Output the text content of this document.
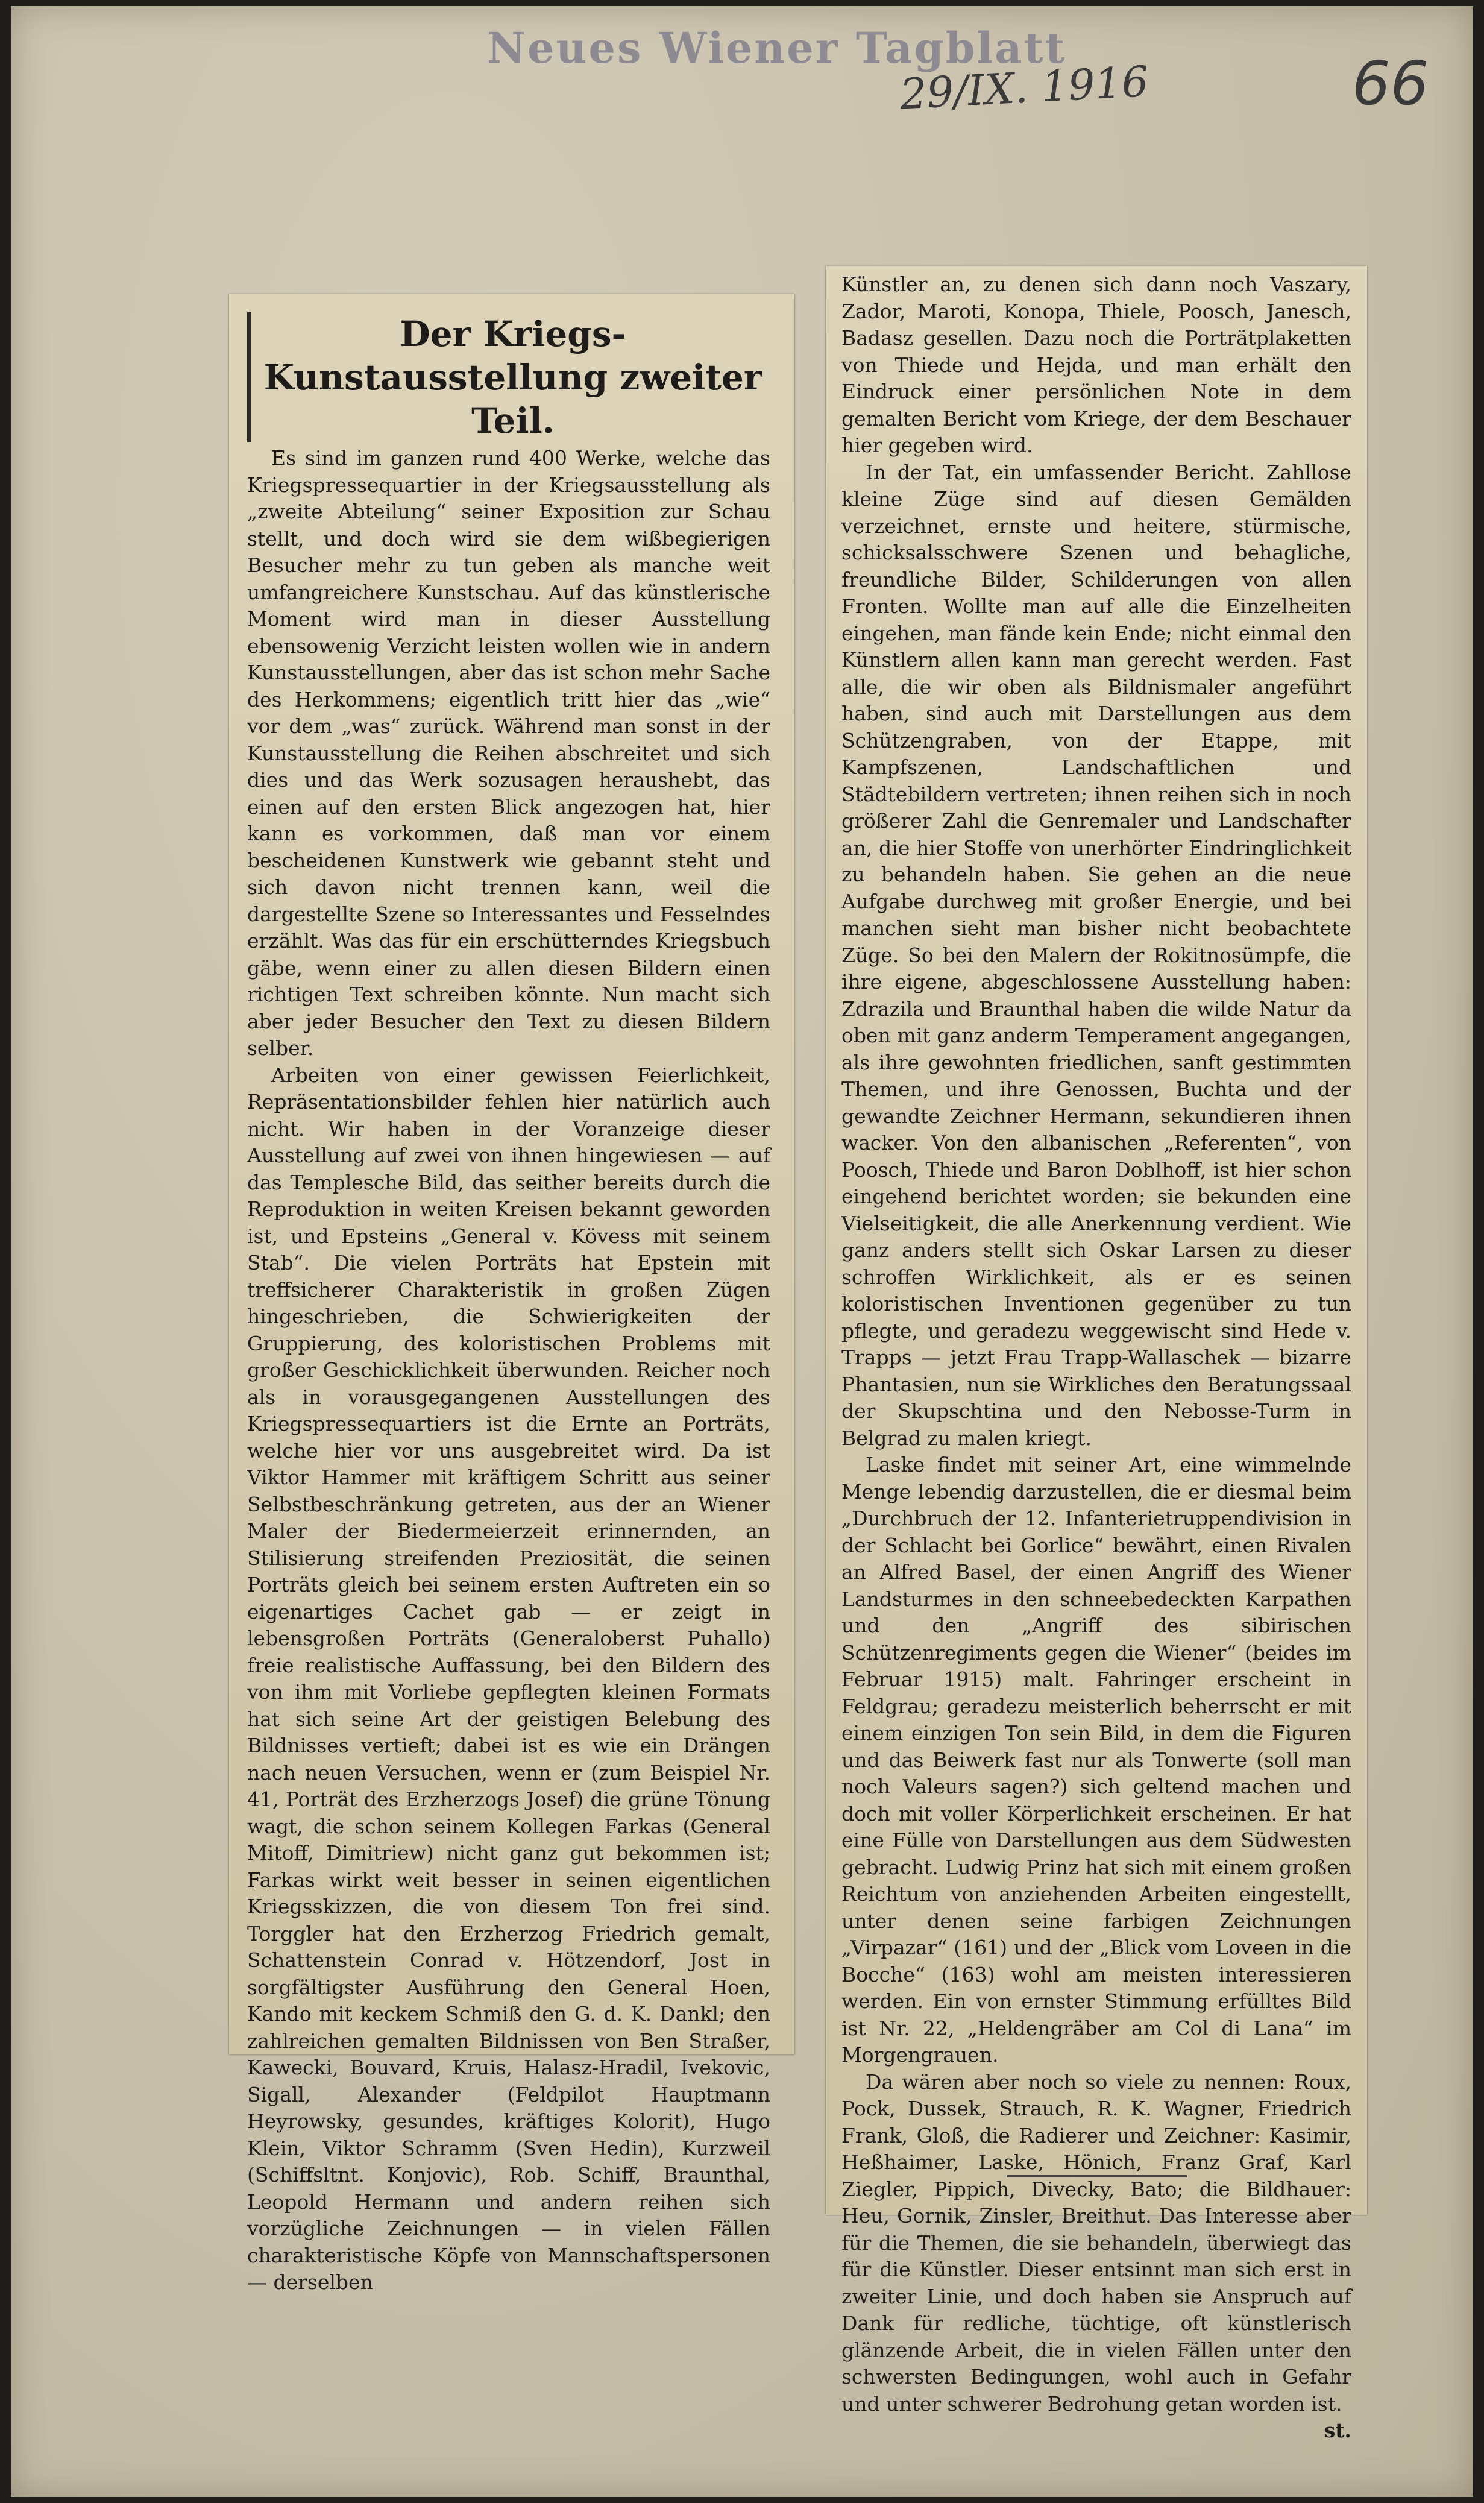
Neues Wiener Tagblatt
29/IX. 1916	66
Der Kriegs-Kunstausstellung zweiter Teil.

Es sind im ganzen rund 400 Werke, welche das Kriegspressequartier in der Kriegsausstellung als „zweite Abteilung“ seiner Exposition zur Schau stellt, und doch wird sie dem wißbegierigen Besucher mehr zu tun geben als manche weit umfangreichere Kunstschau. Auf das künstlerische Moment wird man in dieser Ausstellung ebensowenig Verzicht leisten wollen wie in andern Kunstausstellungen, aber das ist schon mehr Sache des Herkommens; eigentlich tritt hier das „wie“ vor dem „was“ zurück. Während man sonst in der Kunstausstellung die Reihen abschreitet und sich dies und das Werk sozusagen heraushebt, das einen auf den ersten Blick angezogen hat, hier kann es vorkommen, daß man vor einem bescheidenen Kunstwerk wie gebannt steht und sich davon nicht trennen kann, weil die dargestellte Szene so Interessantes und Fesselndes erzählt. Was das für ein erschütterndes Kriegsbuch gäbe, wenn einer zu allen diesen Bildern einen richtigen Text schreiben könnte. Nun macht sich aber jeder Besucher den Text zu diesen Bildern selber.

Arbeiten von einer gewissen Feierlichkeit, Repräsentationsbilder fehlen hier natürlich auch nicht. Wir haben in der Voranzeige dieser Ausstellung auf zwei von ihnen hingewiesen — auf das Templesche Bild, das seither bereits durch die Reproduktion in weiten Kreisen bekannt geworden ist, und Epsteins „General v. Kövess mit seinem Stab“. Die vielen Porträts hat Epstein mit treffsicherer Charakteristik in großen Zügen hingeschrieben, die Schwierigkeiten der Gruppierung, des koloristischen Problems mit großer Geschicklichkeit überwunden. Reicher noch als in vorausgegangenen Ausstellungen des Kriegspressequartiers ist die Ernte an Porträts, welche hier vor uns ausgebreitet wird. Da ist Viktor Hammer mit kräftigem Schritt aus seiner Selbstbeschränkung getreten, aus der an Wiener Maler der Biedermeierzeit erinnernden, an Stilisierung streifenden Preziosität, die seinen Porträts gleich bei seinem ersten Auftreten ein so eigenartiges Cachet gab — er zeigt in lebensgroßen Porträts (Generaloberst Puhallo) freie realistische Auffassung, bei den Bildern des von ihm mit Vorliebe gepflegten kleinen Formats hat sich seine Art der geistigen Belebung des Bildnisses vertieft; dabei ist es wie ein Drängen nach neuen Versuchen, wenn er (zum Beispiel Nr. 41, Porträt des Erzherzogs Josef) die grüne Tönung wagt, die schon seinem Kollegen Farkas (General Mitoff, Dimitriew) nicht ganz gut bekommen ist; Farkas wirkt weit besser in seinen eigentlichen Kriegsskizzen, die von diesem Ton frei sind. Torggler hat den Erzherzog Friedrich gemalt, Schattenstein Conrad v. Hötzendorf, Jost in sorgfältigster Ausführung den General Hoen, Kando mit keckem Schmiß den G. d. K. Dankl; den zahlreichen gemalten Bildnissen von Ben Straßer, Kawecki, Bouvard, Kruis, Halasz-Hradil, Ivekovic, Sigall, Alexander (Feldpilot Hauptmann Heyrowsky, gesundes, kräftiges Kolorit), Hugo Klein, Viktor Schramm (Sven Hedin), Kurzweil (Schiffsltnt. Konjovic), Rob. Schiff, Braunthal, Leopold Hermann und andern reihen sich vorzügliche Zeichnungen — in vielen Fällen charakteristische Köpfe von Mannschaftspersonen — derselben

Künstler an, zu denen sich dann noch Vaszary, Zador, Maroti, Konopa, Thiele, Poosch, Janesch, Badasz gesellen. Dazu noch die Porträtplaketten von Thiede und Hejda, und man erhält den Eindruck einer persönlichen Note in dem gemalten Bericht vom Kriege, der dem Beschauer hier gegeben wird.

In der Tat, ein umfassender Bericht. Zahllose kleine Züge sind auf diesen Gemälden verzeichnet, ernste und heitere, stürmische, schicksalsschwere Szenen und behagliche, freundliche Bilder, Schilderungen von allen Fronten. Wollte man auf alle die Einzelheiten eingehen, man fände kein Ende; nicht einmal den Künstlern allen kann man gerecht werden. Fast alle, die wir oben als Bildnismaler angeführt haben, sind auch mit Darstellungen aus dem Schützengraben, von der Etappe, mit Kampfszenen, Landschaftlichen und Städtebildern vertreten; ihnen reihen sich in noch größerer Zahl die Genremaler und Landschafter an, die hier Stoffe von unerhörter Eindringlichkeit zu behandeln haben. Sie gehen an die neue Aufgabe durchweg mit großer Energie, und bei manchen sieht man bisher nicht beobachtete Züge. So bei den Malern der Rokitnosümpfe, die ihre eigene, abgeschlossene Ausstellung haben: Zdrazila und Braunthal haben die wilde Natur da oben mit ganz anderm Temperament angegangen, als ihre gewohnten friedlichen, sanft gestimmten Themen, und ihre Genossen, Buchta und der gewandte Zeichner Hermann, sekundieren ihnen wacker. Von den albanischen „Referenten“, von Poosch, Thiede und Baron Doblhoff, ist hier schon eingehend berichtet worden; sie bekunden eine Vielseitigkeit, die alle Anerkennung verdient. Wie ganz anders stellt sich Oskar Larsen zu dieser schroffen Wirklichkeit, als er es seinen koloristischen Inventionen gegenüber zu tun pflegte, und geradezu weggewischt sind Hede v. Trapps — jetzt Frau Trapp-Wallaschek — bizarre Phantasien, nun sie Wirkliches den Beratungssaal der Skupschtina und den Nebosse-Turm in Belgrad zu malen kriegt.

Laske findet mit seiner Art, eine wimmelnde Menge lebendig darzustellen, die er diesmal beim „Durchbruch der 12. Infanterietruppendivision in der Schlacht bei Gorlice“ bewährt, einen Rivalen an Alfred Basel, der einen Angriff des Wiener Landsturmes in den schneebedeckten Karpathen und den „Angriff des sibirischen Schützenregiments gegen die Wiener“ (beides im Februar 1915) malt. Fahringer erscheint in Feldgrau; geradezu meisterlich beherrscht er mit einem einzigen Ton sein Bild, in dem die Figuren und das Beiwerk fast nur als Tonwerte (soll man noch Valeurs sagen?) sich geltend machen und doch mit voller Körperlichkeit erscheinen. Er hat eine Fülle von Darstellungen aus dem Südwesten gebracht. Ludwig Prinz hat sich mit einem großen Reichtum von anziehenden Arbeiten eingestellt, unter denen seine farbigen Zeichnungen „Virpazar“ (161) und der „Blick vom Loveen in die Bocche“ (163) wohl am meisten interessieren werden. Ein von ernster Stimmung erfülltes Bild ist Nr. 22, „Heldengräber am Col di Lana“ im Morgengrauen.

Da wären aber noch so viele zu nennen: Roux, Pock, Dussek, Strauch, R. K. Wagner, Friedrich Frank, Gloß, die Radierer und Zeichner: Kasimir, Heßhaimer, Laske, Hönich, Franz Graf, Karl Ziegler, Pippich, Divecky, Bato; die Bildhauer: Heu, Gornik, Zinsler, Breithut. Das Interesse aber für die Themen, die sie behandeln, überwiegt das für die Künstler. Dieser entsinnt man sich erst in zweiter Linie, und doch haben sie Anspruch auf Dank für redliche, tüchtige, oft künstlerisch glänzende Arbeit, die in vielen Fällen unter den schwersten Bedingungen, wohl auch in Gefahr und unter schwerer Bedrohung getan worden ist.
st.
